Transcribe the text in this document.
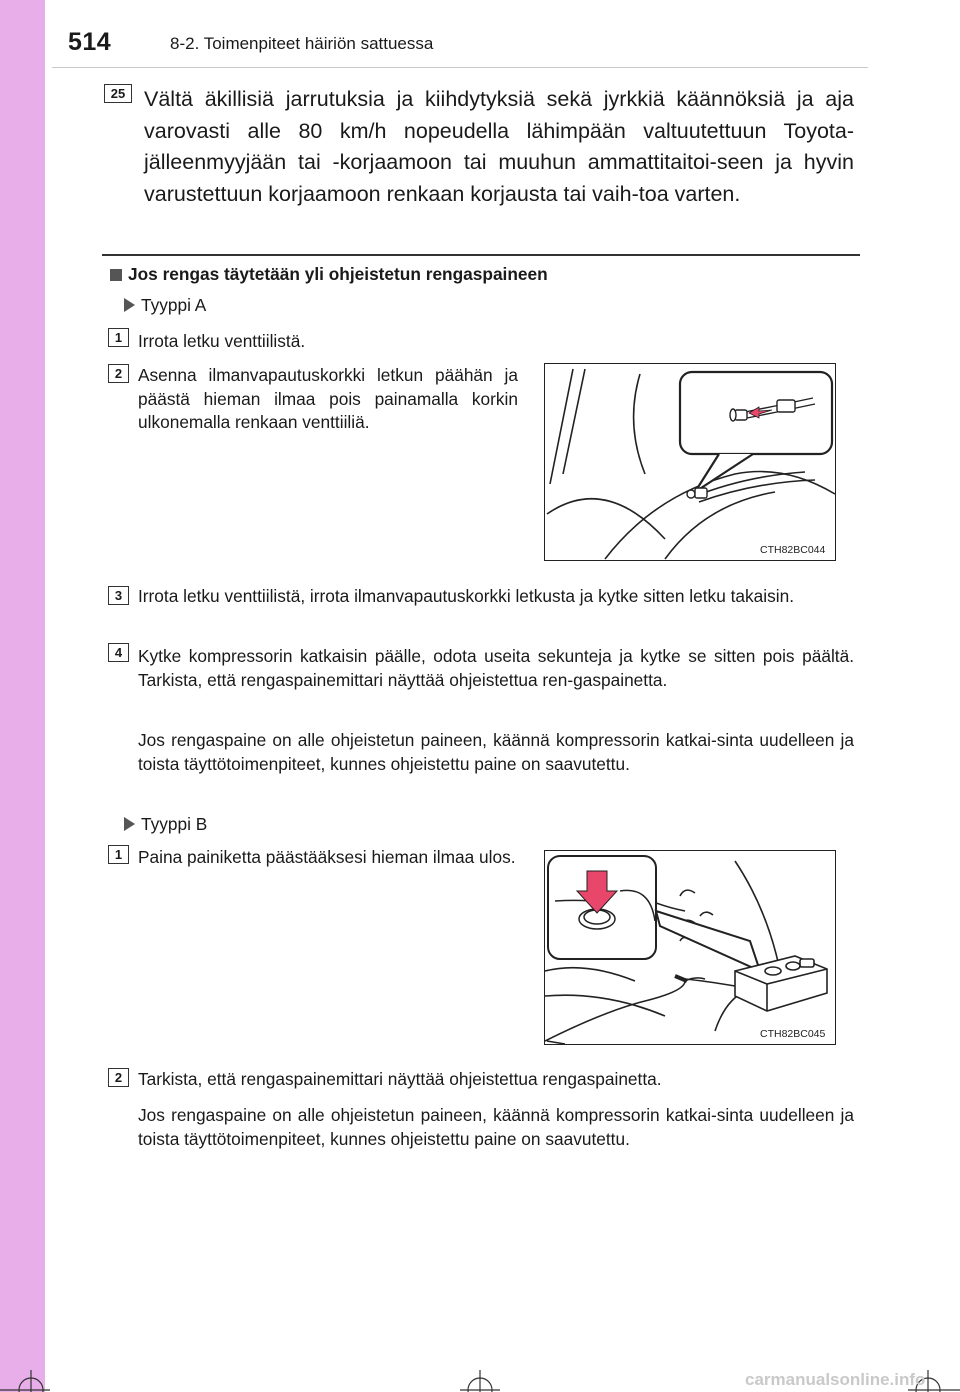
514	8-2. Toimenpiteet häiriön sattuessa
25 Vältä äkillisiä jarrutuksia ja kiihdytyksiä sekä jyrkkiä käännöksiä ja aja varovasti alle 80 km/h nopeudella lähimpään valtuutettuun Toyota-jälleenmyyjään tai -korjaamoon tai muuhun ammattitaitoi-seen ja hyvin varustettuun korjaamoon renkaan korjausta tai vaih-toa varten.
Jos rengas täytetään yli ohjeistetun rengaspaineen
Tyyppi A
1 Irrota letku venttiilistä.
2 Asenna ilmanvapautuskorkki letkun päähän ja päästä hieman ilmaa pois painamalla korkin ulkonemalla renkaan venttiiliä.
CTH82BC044
3 Irrota letku venttiilistä, irrota ilmanvapautuskorkki letkusta ja kytke sitten letku takaisin.
4 Kytke kompressorin katkaisin päälle, odota useita sekunteja ja kytke se sitten pois päältä. Tarkista, että rengaspainemittari näyttää ohjeistettua ren-gaspainetta.
Jos rengaspaine on alle ohjeistetun paineen, käännä kompressorin katkai-sinta uudelleen ja toista täyttötoimenpiteet, kunnes ohjeistettu paine on saavutettu.
Tyyppi B
1 Paina painiketta päästääksesi hieman ilmaa ulos.
CTH82BC045
2 Tarkista, että rengaspainemittari näyttää ohjeistettua rengaspainetta.
Jos rengaspaine on alle ohjeistetun paineen, käännä kompressorin katkai-sinta uudelleen ja toista täyttötoimenpiteet, kunnes ohjeistettu paine on saavutettu.
carmanualsonline.info
